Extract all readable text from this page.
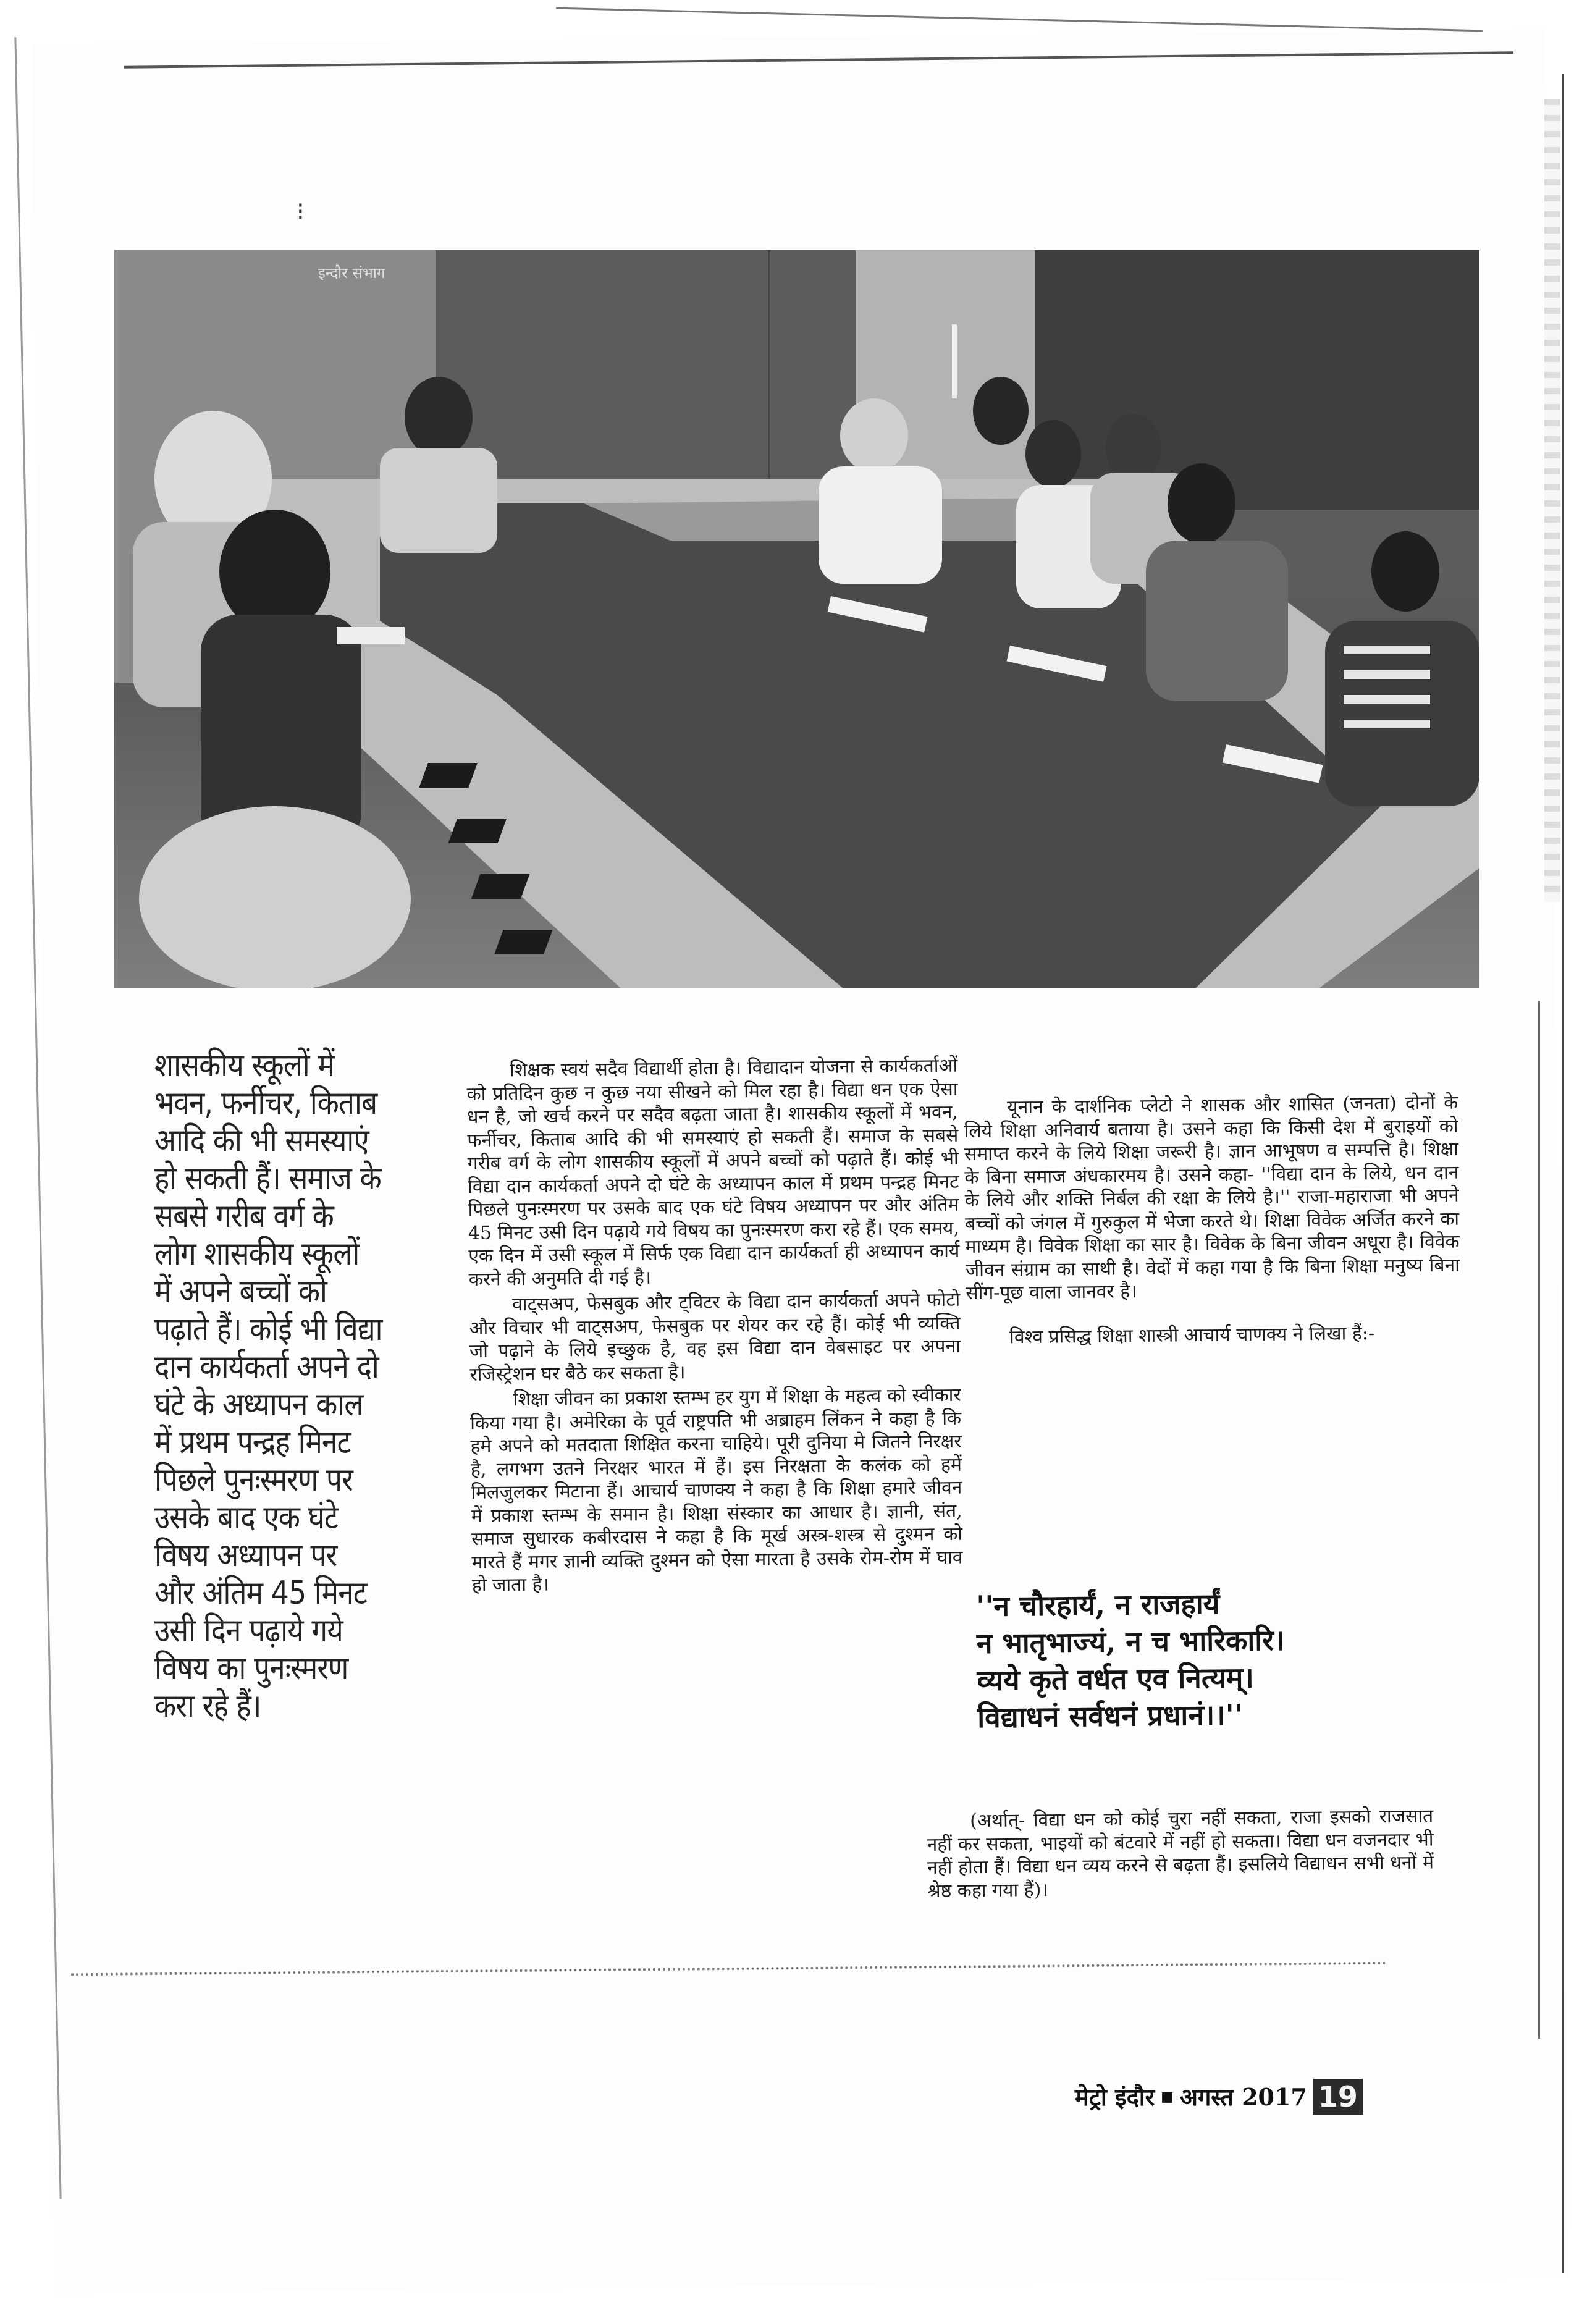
⁝
इन्दौर संभाग

शासकीय स्कूलों में भवन, फर्नीचर, किताब आदि की भी समस्याएं हो सकती हैं। समाज के सबसे गरीब वर्ग के लोग शासकीय स्कूलों में अपने बच्चों को पढ़ाते हैं। कोई भी विद्या दान कार्यकर्ता अपने दो घंटे के अध्यापन काल में प्रथम पन्द्रह मिनट पिछले पुनःस्मरण पर उसके बाद एक घंटे विषय अध्यापन पर और अंतिम 45 मिनट उसी दिन पढ़ाये गये विषय का पुनःस्मरण करा रहे हैं।

शिक्षक स्वयं सदैव विद्यार्थी होता है। विद्यादान योजना से कार्यकर्ताओं को प्रतिदिन कुछ न कुछ नया सीखने को मिल रहा है। विद्या धन एक ऐसा धन है, जो खर्च करने पर सदैव बढ़ता जाता है। शासकीय स्कूलों में भवन, फर्नीचर, किताब आदि की भी समस्याएं हो सकती हैं। समाज के सबसे गरीब वर्ग के लोग शासकीय स्कूलों में अपने बच्चों को पढ़ाते हैं। कोई भी विद्या दान कार्यकर्ता अपने दो घंटे के अध्यापन काल में प्रथम पन्द्रह मिनट पिछले पुनःस्मरण पर उसके बाद एक घंटे विषय अध्यापन पर और अंतिम 45 मिनट उसी दिन पढ़ाये गये विषय का पुनःस्मरण करा रहे हैं। एक समय, एक दिन में उसी स्कूल में सिर्फ एक विद्या दान कार्यकर्ता ही अध्यापन कार्य करने की अनुमति दी गई है।

वाट्सअप, फेसबुक और ट्विटर के विद्या दान कार्यकर्ता अपने फोटो और विचार भी वाट्सअप, फेसबुक पर शेयर कर रहे हैं। कोई भी व्यक्ति जो पढ़ाने के लिये इच्छुक है, वह इस विद्या दान वेबसाइट पर अपना रजिस्ट्रेशन घर बैठे कर सकता है।

शिक्षा जीवन का प्रकाश स्तम्भ हर युग में शिक्षा के महत्व को स्वीकार किया गया है। अमेरिका के पूर्व राष्ट्रपति भी अब्राहम लिंकन ने कहा है कि हमे अपने को मतदाता शिक्षित करना चाहिये। पूरी दुनिया मे जितने निरक्षर है, लगभग उतने निरक्षर भारत में हैं। इस निरक्षता के कलंक को हमें मिलजुलकर मिटाना हैं। आचार्य चाणक्य ने कहा है कि शिक्षा हमारे जीवन में प्रकाश स्तम्भ के समान है। शिक्षा संस्कार का आधार है। ज्ञानी, संत, समाज सुधारक कबीरदास ने कहा है कि मूर्ख अस्त्र-शस्त्र से दुश्मन को मारते हैं मगर ज्ञानी व्यक्ति दुश्मन को ऐसा मारता है उसके रोम-रोम में घाव हो जाता है।

यूनान के दार्शनिक प्लेटो ने शासक और शासित (जनता) दोनों के लिये शिक्षा अनिवार्य बताया है। उसने कहा कि किसी देश में बुराइयों को समाप्त करने के लिये शिक्षा जरूरी है। ज्ञान आभूषण व सम्पत्ति है। शिक्षा के बिना समाज अंधकारमय है। उसने कहा- ''विद्या दान के लिये, धन दान के लिये और शक्ति निर्बल की रक्षा के लिये है।'' राजा-महाराजा भी अपने बच्चों को जंगल में गुरुकुल में भेजा करते थे। शिक्षा विवेक अर्जित करने का माध्यम है। विवेक शिक्षा का सार है। विवेक के बिना जीवन अधूरा है। विवेक जीवन संग्राम का साथी है। वेदों में कहा गया है कि बिना शिक्षा मनुष्य बिना सींग-पूछ वाला जानवर है।

विश्व प्रसिद्ध शिक्षा शास्त्री आचार्य चाणक्य ने लिखा हैं:-

''न चौरहार्यं, न राजहार्यं
न भातृभाज्यं, न च भारिकारि।
व्यये कृते वर्धत एव नित्यम्।
विद्याधनं सर्वधनं प्रधानं।।''

(अर्थात्- विद्या धन को कोई चुरा नहीं सकता, राजा इसको राजसात नहीं कर सकता, भाइयों को बंटवारे में नहीं हो सकता। विद्या धन वजनदार भी नहीं होता हैं। विद्या धन व्यय करने से बढ़ता हैं। इसलिये विद्याधन सभी धनों में श्रेष्ठ कहा गया हैं)।

मेट्रो इंदौर ■ अगस्त 2017 19
